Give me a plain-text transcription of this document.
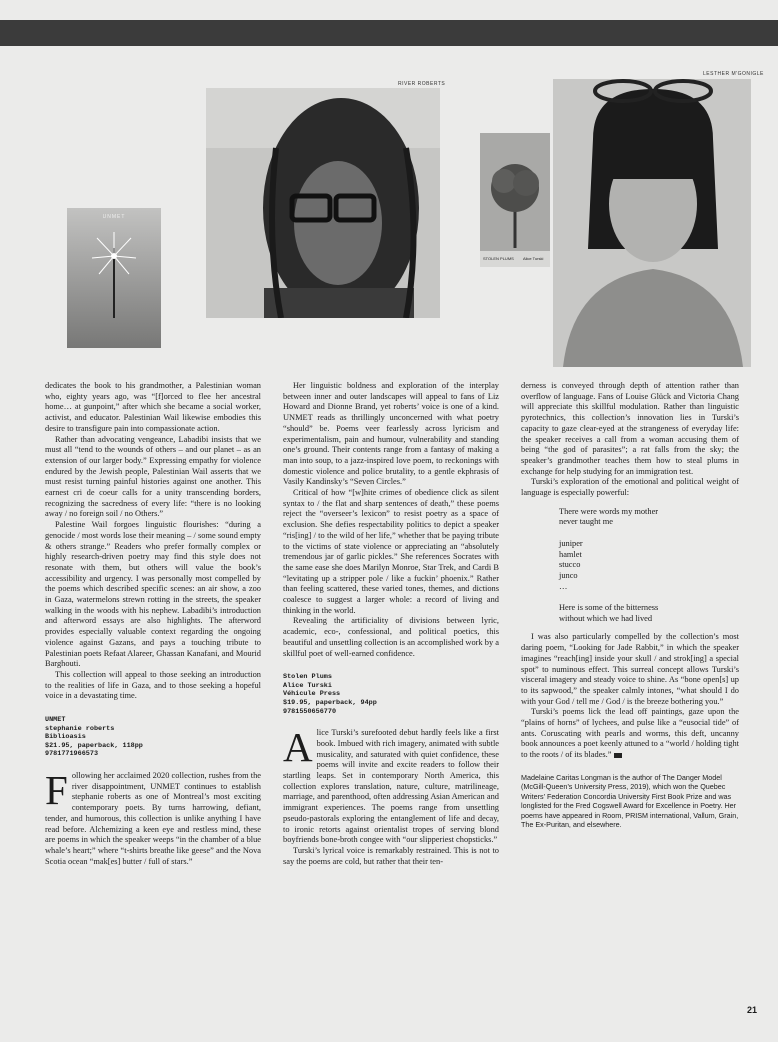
RIVER ROBERTS
UNMET
LESTHER M'GONIGLE
STOLEN PLUMS Alice Turski

dedicates the book to his grandmother, a Palestinian woman who, eighty years ago, was “[f]orced to flee her ancestral home… at gunpoint,” after which she became a social worker, activist, and educator. Palestinian Wail likewise embodies this desire to transfigure pain into compassionate action.

Rather than advocating vengeance, Labadibi insists that we must all “tend to the wounds of others – and our planet – as an extension of our larger body.” Expressing empathy for violence endured by the Jewish people, Palestinian Wail asserts that we must resist turning painful histories against one another. This earnest cri de coeur calls for a unity transcending borders, recognizing the sacredness of every life: “there is no looking away / no foreign soil / no Others.”

Palestine Wail forgoes linguistic flourishes: “during a genocide / most words lose their meaning – / some sound empty & others strange.” Readers who prefer formally complex or highly research-driven poetry may find this style does not resonate with them, but others will value the book’s accessibility and urgency. I was personally most compelled by the poems which described specific scenes: an air show, a zoo in Gaza, watermelons strewn rotting in the streets, the speaker walking in the woods with his nephew. Labadibi’s introduction and afterword essays are also highlights. The afterword provides especially valuable context regarding the ongoing violence against Gazans, and pays a touching tribute to Palestinian poets Refaat Alareer, Ghassan Kanafani, and Mourid Barghouti.

This collection will appeal to those seeking an introduction to the realities of life in Gaza, and to those seeking a hopeful voice in a devastating time.

UNMET
stephanie roberts
Biblioasis
$21.95, paperback, 118pp
9781771966573

Following her acclaimed 2020 collection, rushes from the river disappointment, UNMET continues to establish stephanie roberts as one of Montreal’s most exciting contemporary poets. By turns harrowing, defiant, tender, and humorous, this collection is unlike anything I have read before. Alchemizing a keen eye and restless mind, these are poems in which the speaker weeps “in the chamber of a blue whale’s heart;” where “t-shirts breathe like geese” and the Nova Scotia ocean “mak[es] butter / full of stars.”

Her linguistic boldness and exploration of the interplay between inner and outer landscapes will appeal to fans of Liz Howard and Dionne Brand, yet roberts’ voice is one of a kind. UNMET reads as thrillingly unconcerned with what poetry “should” be. Poems veer fearlessly across lyricism and experimentalism, pain and humour, vulnerability and standing one’s ground. Their contents range from a fantasy of making a man into soup, to a jazz-inspired love poem, to reckonings with domestic violence and police brutality, to a gentle ekphrasis of Vasily Kandinsky’s “Seven Circles.”

Critical of how “[w]hite crimes of obedience click as silent syntax to / the flat and sharp sentences of death,” these poems reject the “overseer’s lexicon” to resist poetry as a space of exclusion. She defies respectability politics to depict a speaker “ris[ing] / to the wild of her life,” whether that be paying tribute to the victims of state violence or appreciating an “absolutely tremendous jar of garlic pickles.” She references Socrates with the same ease she does Marilyn Monroe, Star Trek, and Cardi B “levitating up a stripper pole / like a fuckin’ phoenix.” Rather than feeling scattered, these varied tones, themes, and dictions coalesce to suggest a larger whole: a record of living and thinking in the world.

Revealing the artificiality of divisions between lyric, academic, eco-, confessional, and political poetics, this beautiful and unsettling collection is an accomplished work by a skillful poet of well-earned confidence.

Stolen Plums
Alice Turski
Véhicule Press
$19.95, paperback, 94pp
9781550656770

Alice Turski’s surefooted debut hardly feels like a first book. Imbued with rich imagery, animated with subtle musicality, and saturated with quiet confidence, these poems will invite and excite readers to follow their startling leaps. Set in contemporary North America, this collection explores translation, nature, culture, matrilineage, marriage, and parenthood, often addressing Asian American and immigrant experiences. The poems range from unsettling pseudo-pastorals exploring the entanglement of life and decay, to ironic retorts against orientalist tropes of serving blond boyfriends bone-broth congee with “our slipperiest chopsticks.”

Turski’s lyrical voice is remarkably restrained. This is not to say the poems are cold, but rather that their ten-

derness is conveyed through depth of attention rather than overflow of language. Fans of Louise Glück and Victoria Chang will appreciate this skillful modulation. Rather than linguistic pyrotechnics, this collection’s innovation lies in Turski’s capacity to gaze clear-eyed at the strangeness of everyday life: the speaker receives a call from a woman accusing them of being “the god of parasites”; a rat falls from the sky; the speaker’s grandmother teaches them how to steal plums in exchange for help studying for an immigration test.

Turski’s exploration of the emotional and political weight of language is especially powerful:

There were words my mother
never taught me
juniper
hamlet
stucco
junco
…
Here is some of the bitterness
without which we had lived

I was also particularly compelled by the collection’s most daring poem, “Looking for Jade Rabbit,” in which the speaker imagines “reach[ing] inside your skull / and strok[ing] a special spot” to numinous effect. This surreal concept allows Turski’s visceral imagery and steady voice to shine. As “bone open[s] up to its sapwood,” the speaker calmly intones, “what should I do with your God / tell me / God / is the breeze bothering you.”

Turski’s poems lick the lead off paintings, gaze upon the “plains of horns” of lychees, and pulse like a “eusocial tide” of ants. Coruscating with pearls and worms, this deft, uncanny book announces a poet keenly attuned to a “world / holding tight to the roots / of its blades.”

Madelaine Caritas Longman is the author of The Danger Model (McGill-Queen’s University Press, 2019), which won the Quebec Writers’ Federation Concordia University First Book Prize and was longlisted for the Fred Cogswell Award for Excellence in Poetry. Her poems have appeared in Room, PRISM international, Vallum, Grain, The Ex-Puritan, and elsewhere.
21
